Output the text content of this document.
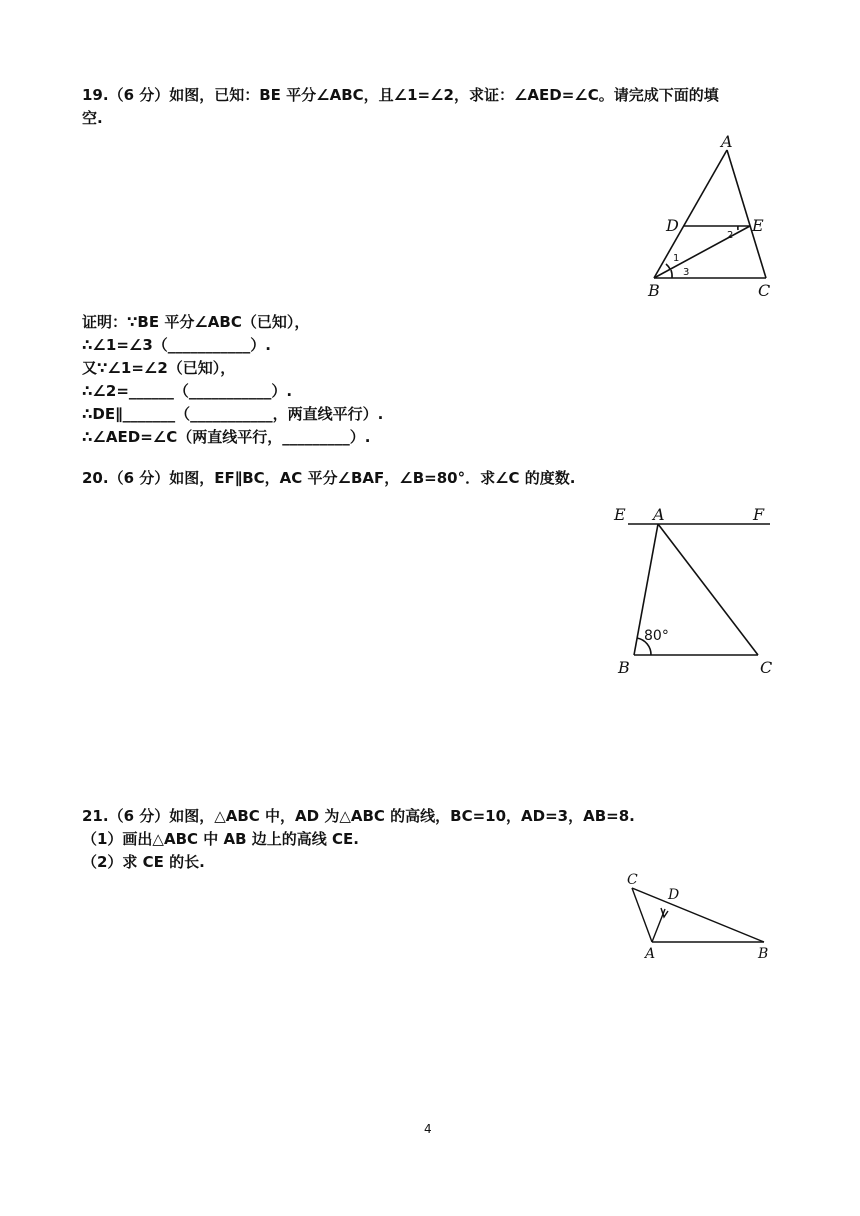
19.（6 分）如图，已知：BE 平分∠ABC，且∠1=∠2，求证：∠AED=∠C。请完成下面的填
空.
A
D	E
B	C
1
2
3
证明：∵BE 平分∠ABC（已知），
∴∠1=∠3（___________）.
又∵∠1=∠2（已知），
∴∠2=______（___________）.
∴DE∥_______（___________，两直线平行）.
∴∠AED=∠C（两直线平行，_________）.
20.（6 分）如图，EF∥BC，AC 平分∠BAF，∠B=80°．求∠C 的度数.
E A	F
B	C
80°
21.（6 分）如图，△ABC 中，AD 为△ABC 的高线，BC=10，AD=3，AB=8.
（1）画出△ABC 中 AB 边上的高线 CE.
（2）求 CE 的长.
C
D
A	B
4
